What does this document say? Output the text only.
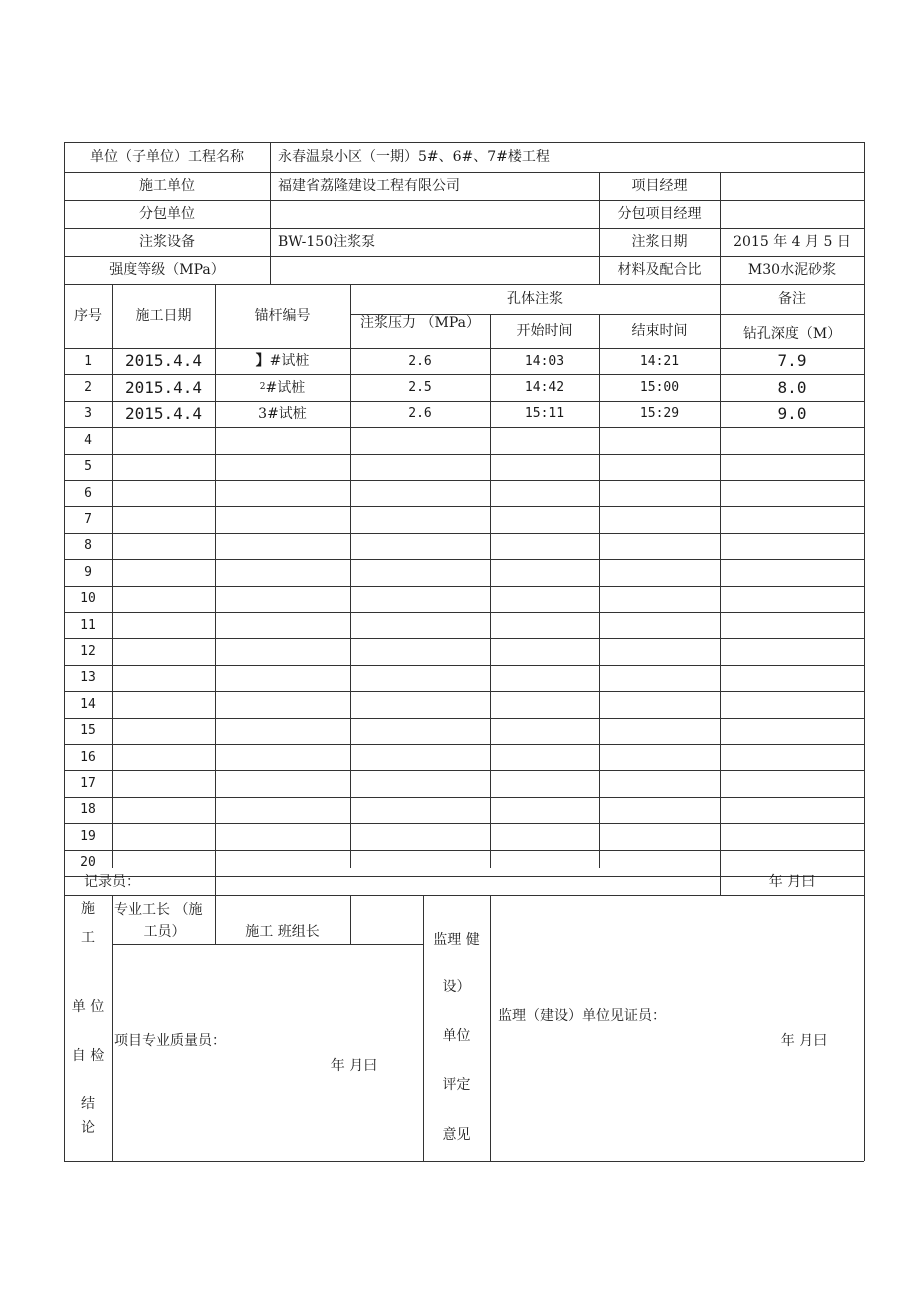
单位（子单位）工程名称	永春温泉小区（一期）5#、6#、7#楼工程
施工单位	福建省荔隆建设工程有限公司	项目经理
分包单位	分包项目经理
注浆设备	BW-150注浆泵	注浆日期	2015 年 4 月 5 日
强度等级（MPa）	材料及配合比	M30水泥砂浆
序号	施工日期	锚杆编号
孔体注浆	备注
注浆压力 （MPa）	开始时间	结束时间	钻孔深度（M）
1	2015.4.4	】 #试桩	2.6	14:03	14:21	7.9
2	2015.4.4	2 #试桩	2.5	14:42	15:00	8.0
3	2015.4.4	3#试桩	2.6	15:11	15:29	9.0
4
5
6
7
8
9
10
11
12
13
14
15
16
17
18
19
20
记录员：	年 月曰
施
工
单 位
自 检
结
论
专业工长 （施
工员）	施工 班组长
项目专业质量员：
年 月曰
监理 健
设）
单位
评定
意见
监理（建设）单位见证员：
年 月曰
